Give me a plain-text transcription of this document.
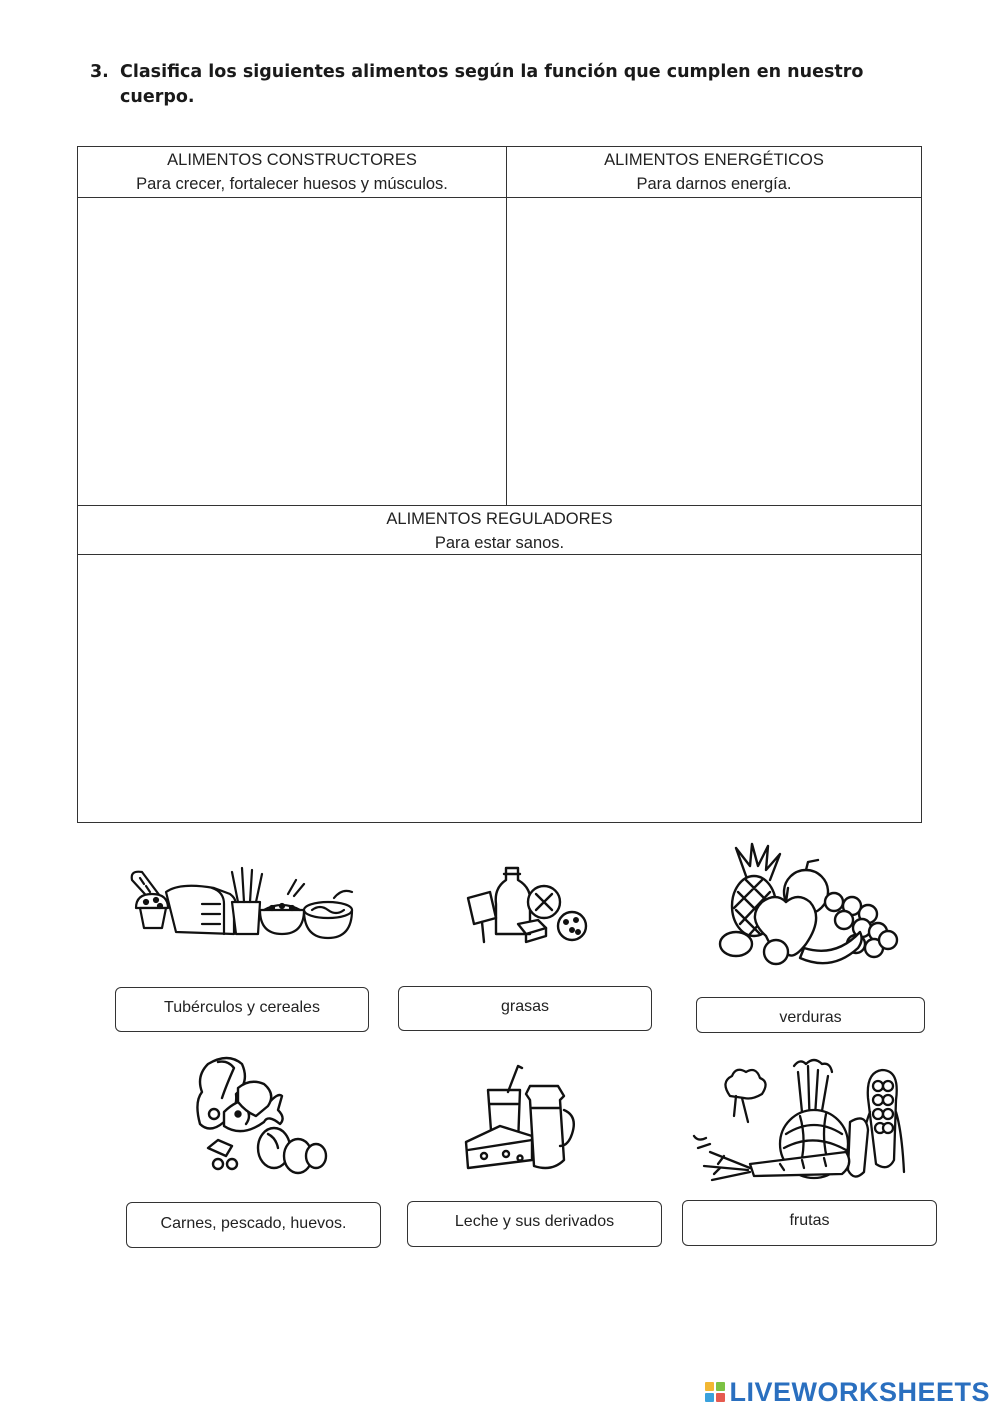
3. Clasifica los siguientes alimentos según la función que cumplen en nuestro cuerpo.
ALIMENTOS CONSTRUCTORES
Para crecer, fortalecer huesos y músculos.
ALIMENTOS ENERGÉTICOS
Para darnos energía.
ALIMENTOS REGULADORES
Para estar sanos.
Tubérculos y cereales	grasas
verduras
Carnes, pescado, huevos.	Leche y sus derivados	frutas
LIVEWORKSHEETS
